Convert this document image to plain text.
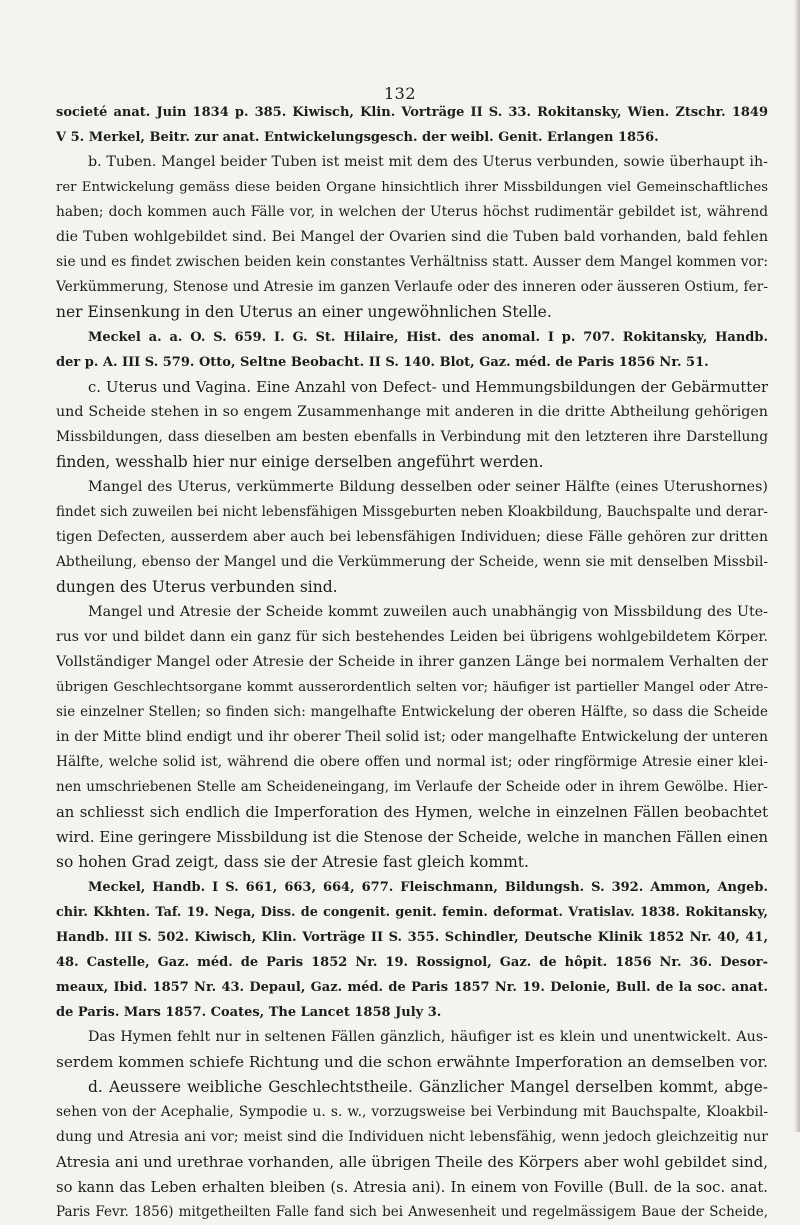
132
societé anat. Juin 1834 p. 385. Kiwisch, Klin. Vorträge II S. 33. Rokitansky, Wien. Ztschr. 1849
V 5. Merkel, Beitr. zur anat. Entwickelungsgesch. der weibl. Genit. Erlangen 1856.
b. Tuben. Mangel beider Tuben ist meist mit dem des Uterus verbunden, sowie überhaupt ih-
rer Entwickelung gemäss diese beiden Organe hinsichtlich ihrer Missbildungen viel Gemeinschaftliches
haben; doch kommen auch Fälle vor, in welchen der Uterus höchst rudimentär gebildet ist, während
die Tuben wohlgebildet sind. Bei Mangel der Ovarien sind die Tuben bald vorhanden, bald fehlen
sie und es findet zwischen beiden kein constantes Verhältniss statt. Ausser dem Mangel kommen vor:
Verkümmerung, Stenose und Atresie im ganzen Verlaufe oder des inneren oder äusseren Ostium, fer-
ner Einsenkung in den Uterus an einer ungewöhnlichen Stelle.
Meckel a. a. O. S. 659. I. G. St. Hilaire, Hist. des anomal. I p. 707. Rokitansky, Handb.
der p. A. III S. 579. Otto, Seltne Beobacht. II S. 140. Blot, Gaz. méd. de Paris 1856 Nr. 51.
c. Uterus und Vagina. Eine Anzahl von Defect- und Hemmungsbildungen der Gebärmutter
und Scheide stehen in so engem Zusammenhange mit anderen in die dritte Abtheilung gehörigen
Missbildungen, dass dieselben am besten ebenfalls in Verbindung mit den letzteren ihre Darstellung
finden, wesshalb hier nur einige derselben angeführt werden.
Mangel des Uterus, verkümmerte Bildung desselben oder seiner Hälfte (eines Uterushornes)
findet sich zuweilen bei nicht lebensfähigen Missgeburten neben Kloakbildung, Bauchspalte und derar-
tigen Defecten, ausserdem aber auch bei lebensfähigen Individuen; diese Fälle gehören zur dritten
Abtheilung, ebenso der Mangel und die Verkümmerung der Scheide, wenn sie mit denselben Missbil-
dungen des Uterus verbunden sind.
Mangel und Atresie der Scheide kommt zuweilen auch unabhängig von Missbildung des Ute-
rus vor und bildet dann ein ganz für sich bestehendes Leiden bei übrigens wohlgebildetem Körper.
Vollständiger Mangel oder Atresie der Scheide in ihrer ganzen Länge bei normalem Verhalten der
übrigen Geschlechtsorgane kommt ausserordentlich selten vor; häufiger ist partieller Mangel oder Atre-
sie einzelner Stellen; so finden sich: mangelhafte Entwickelung der oberen Hälfte, so dass die Scheide
in der Mitte blind endigt und ihr oberer Theil solid ist; oder mangelhafte Entwickelung der unteren
Hälfte, welche solid ist, während die obere offen und normal ist; oder ringförmige Atresie einer klei-
nen umschriebenen Stelle am Scheideneingang, im Verlaufe der Scheide oder in ihrem Gewölbe. Hier-
an schliesst sich endlich die Imperforation des Hymen, welche in einzelnen Fällen beobachtet
wird. Eine geringere Missbildung ist die Stenose der Scheide, welche in manchen Fällen einen
so hohen Grad zeigt, dass sie der Atresie fast gleich kommt.
Meckel, Handb. I S. 661, 663, 664, 677. Fleischmann, Bildungsh. S. 392. Ammon, Angeb.
chir. Kkhten. Taf. 19. Nega, Diss. de congenit. genit. femin. deformat. Vratislav. 1838. Rokitansky,
Handb. III S. 502. Kiwisch, Klin. Vorträge II S. 355. Schindler, Deutsche Klinik 1852 Nr. 40, 41,
48. Castelle, Gaz. méd. de Paris 1852 Nr. 19. Rossignol, Gaz. de hôpit. 1856 Nr. 36. Desor-
meaux, Ibid. 1857 Nr. 43. Depaul, Gaz. méd. de Paris 1857 Nr. 19. Delonie, Bull. de la soc. anat.
de Paris. Mars 1857. Coates, The Lancet 1858 July 3.
Das Hymen fehlt nur in seltenen Fällen gänzlich, häufiger ist es klein und unentwickelt. Aus-
serdem kommen schiefe Richtung und die schon erwähnte Imperforation an demselben vor.
d. Aeussere weibliche Geschlechtstheile. Gänzlicher Mangel derselben kommt, abge-
sehen von der Acephalie, Sympodie u. s. w., vorzugsweise bei Verbindung mit Bauchspalte, Kloakbil-
dung und Atresia ani vor; meist sind die Individuen nicht lebensfähig, wenn jedoch gleichzeitig nur
Atresia ani und urethrae vorhanden, alle übrigen Theile des Körpers aber wohl gebildet sind,
so kann das Leben erhalten bleiben (s. Atresia ani). In einem von Foville (Bull. de la soc. anat.
Paris Fevr. 1856) mitgetheilten Falle fand sich bei Anwesenheit und regelmässigem Baue der Scheide,
